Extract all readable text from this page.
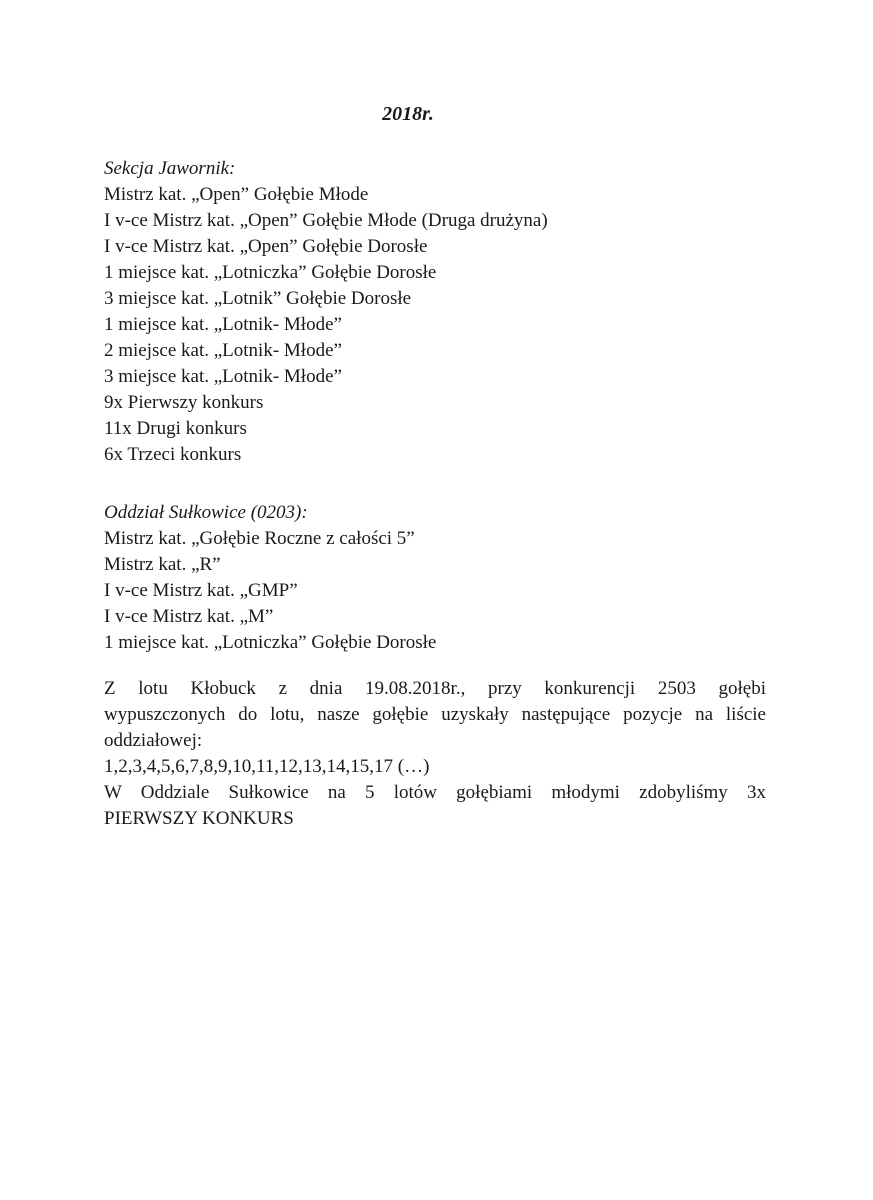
2018r.
Sekcja Jawornik:
Mistrz kat. „Open” Gołębie Młode
I v-ce Mistrz kat. „Open” Gołębie Młode (Druga drużyna)
I v-ce Mistrz kat. „Open” Gołębie Dorosłe
1 miejsce kat. „Lotniczka” Gołębie Dorosłe
3 miejsce kat. „Lotnik” Gołębie Dorosłe
1 miejsce kat. „Lotnik- Młode”
2 miejsce kat. „Lotnik- Młode”
3 miejsce kat. „Lotnik- Młode”
9x Pierwszy konkurs
11x Drugi konkurs
6x Trzeci konkurs
Oddział Sułkowice (0203):
Mistrz kat. „Gołębie Roczne z całości 5”
Mistrz kat. „R”
I v-ce Mistrz kat. „GMP”
I v-ce Mistrz kat. „M”
1 miejsce kat. „Lotniczka” Gołębie Dorosłe
Z lotu Kłobuck z dnia 19.08.2018r., przy konkurencji 2503 gołębi
wypuszczonych do lotu, nasze gołębie uzyskały następujące pozycje na liście
oddziałowej:
1,2,3,4,5,6,7,8,9,10,11,12,13,14,15,17 (…)
W Oddziale Sułkowice na 5 lotów gołębiami młodymi zdobyliśmy 3x
PIERWSZY KONKURS
